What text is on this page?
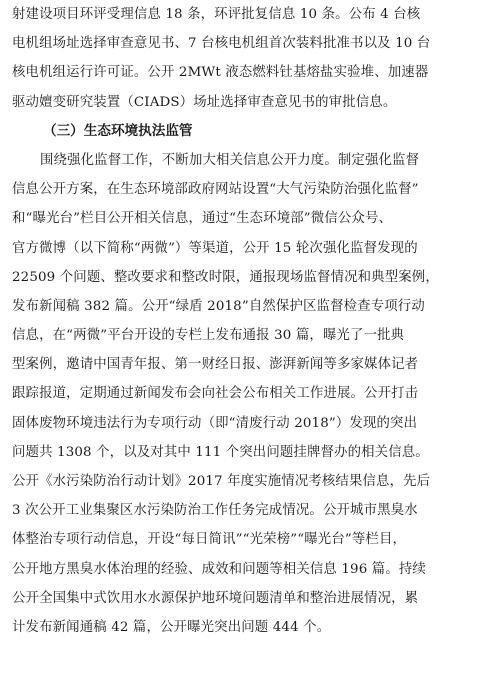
射建设项目环评受理信息 18 条，环评批复信息 10 条。公布 4 台核
电机组场址选择审查意见书、7 台核电机组首次装料批准书以及 10 台
核电机组运行许可证。公开 2MWt 液态燃料钍基熔盐实验堆、加速器
驱动嬗变研究装置（CIADS）场址选择审查意见书的审批信息。
（三）生态环境执法监管
围绕强化监督工作，不断加大相关信息公开力度。制定强化监督
信息公开方案，在生态环境部政府网站设置“大气污染防治强化监督”
和“曝光台”栏目公开相关信息，通过“生态环境部”微信公众号、
官方微博（以下简称“两微”）等渠道，公开 15 轮次强化监督发现的
22509 个问题、整改要求和整改时限，通报现场监督情况和典型案例，
发布新闻稿 382 篇。公开“绿盾 2018”自然保护区监督检查专项行动
信息，在“两微”平台开设的专栏上发布通报 30 篇，曝光了一批典
型案例，邀请中国青年报、第一财经日报、澎湃新闻等多家媒体记者
跟踪报道，定期通过新闻发布会向社会公布相关工作进展。公开打击
固体废物环境违法行为专项行动（即“清废行动 2018”）发现的突出
问题共 1308 个，以及对其中 111 个突出问题挂牌督办的相关信息。
公开《水污染防治行动计划》2017 年度实施情况考核结果信息，先后
3 次公开工业集聚区水污染防治工作任务完成情况。公开城市黑臭水
体整治专项行动信息，开设“每日简讯”“光荣榜”“曝光台”等栏目，
公开地方黑臭水体治理的经验、成效和问题等相关信息 196 篇。持续
公开全国集中式饮用水水源保护地环境问题清单和整治进展情况，累
计发布新闻通稿 42 篇，公开曝光突出问题 444 个。
